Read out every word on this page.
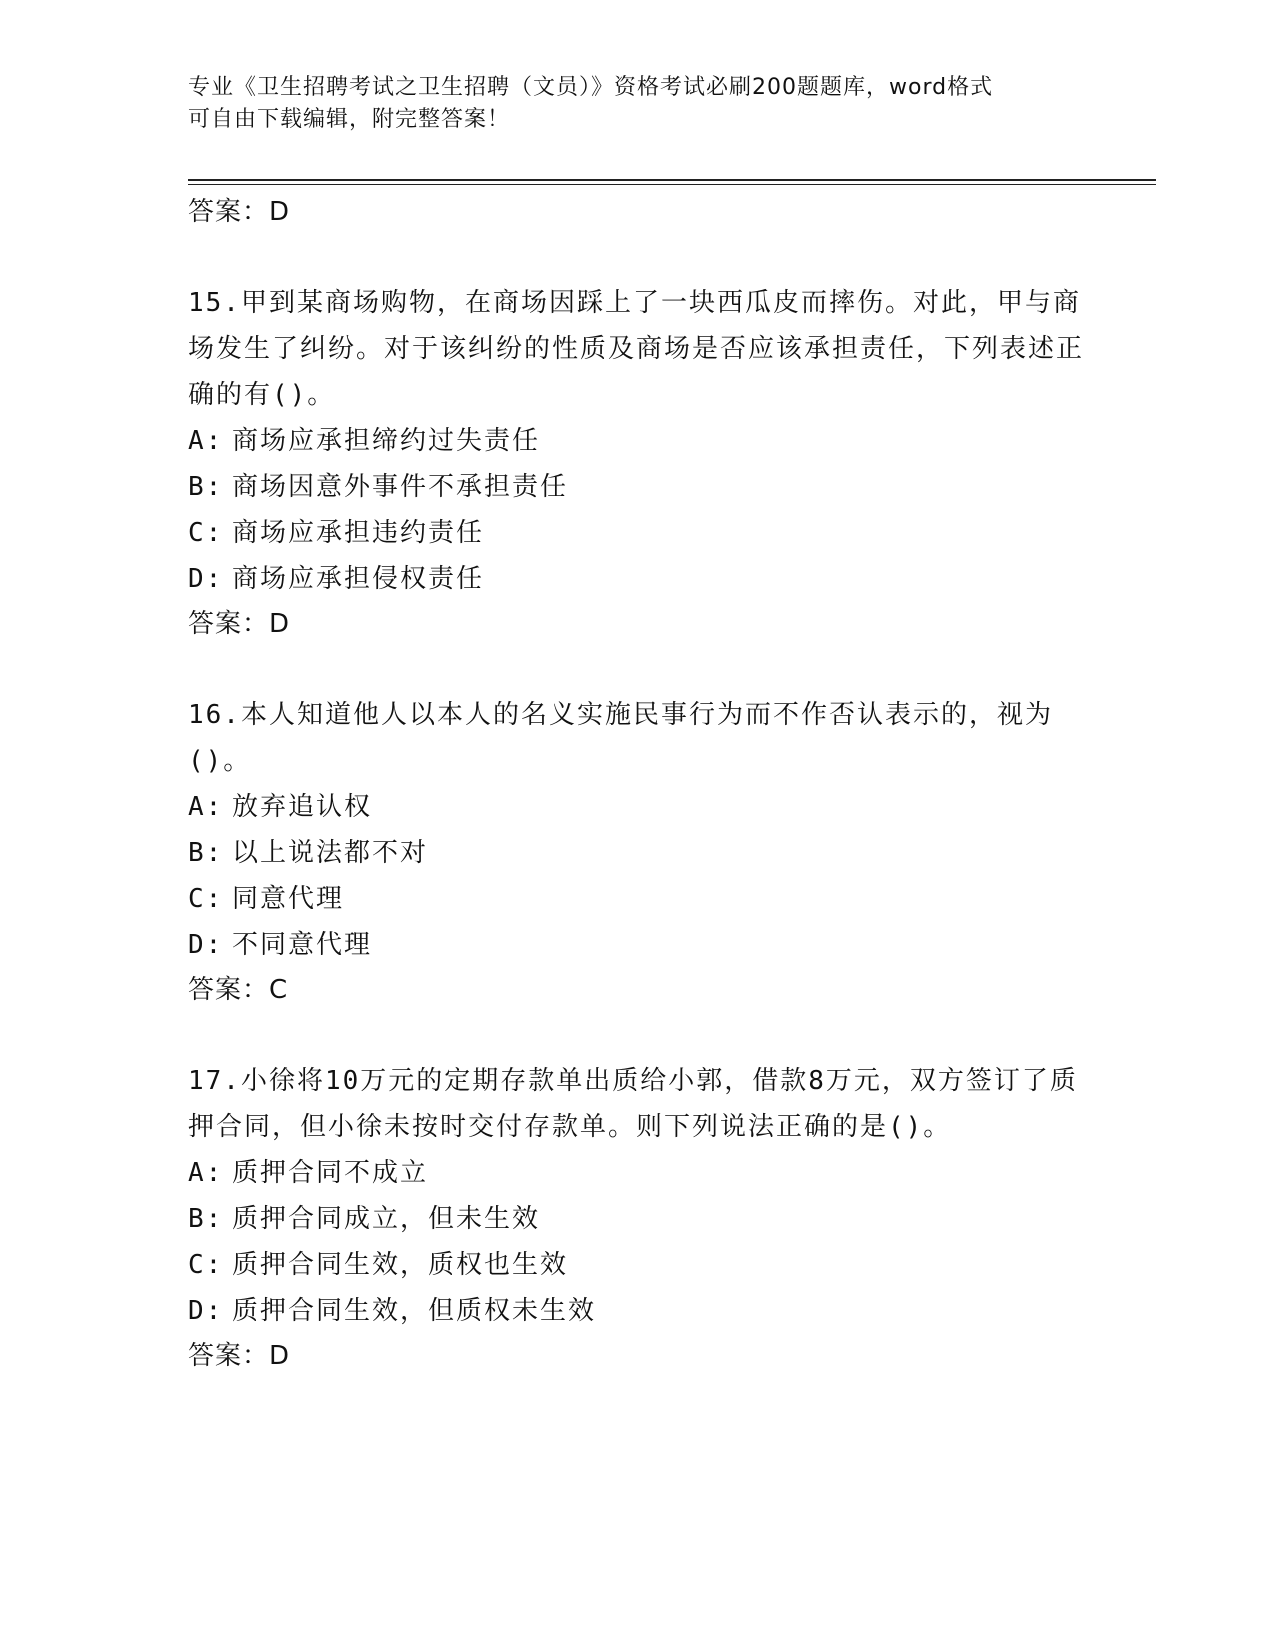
专业《卫生招聘考试之卫生招聘（文员）》资格考试必刷200题题库，word格式
可自由下载编辑，附完整答案！
答案：D
15.甲到某商场购物，在商场因踩上了一块西瓜皮而摔伤。对此，甲与商场发生了纠纷。对于该纠纷的性质及商场是否应该承担责任，下列表述正确的有()。
A: 商场应承担缔约过失责任
B: 商场因意外事件不承担责任
C: 商场应承担违约责任
D: 商场应承担侵权责任
答案：D
16.本人知道他人以本人的名义实施民事行为而不作否认表示的，视为()。
A: 放弃追认权
B: 以上说法都不对
C: 同意代理
D: 不同意代理
答案：C
17.小徐将10万元的定期存款单出质给小郭，借款8万元，双方签订了质押合同，但小徐未按时交付存款单。则下列说法正确的是()。
A: 质押合同不成立
B: 质押合同成立，但未生效
C: 质押合同生效，质权也生效
D: 质押合同生效，但质权未生效
答案：D
